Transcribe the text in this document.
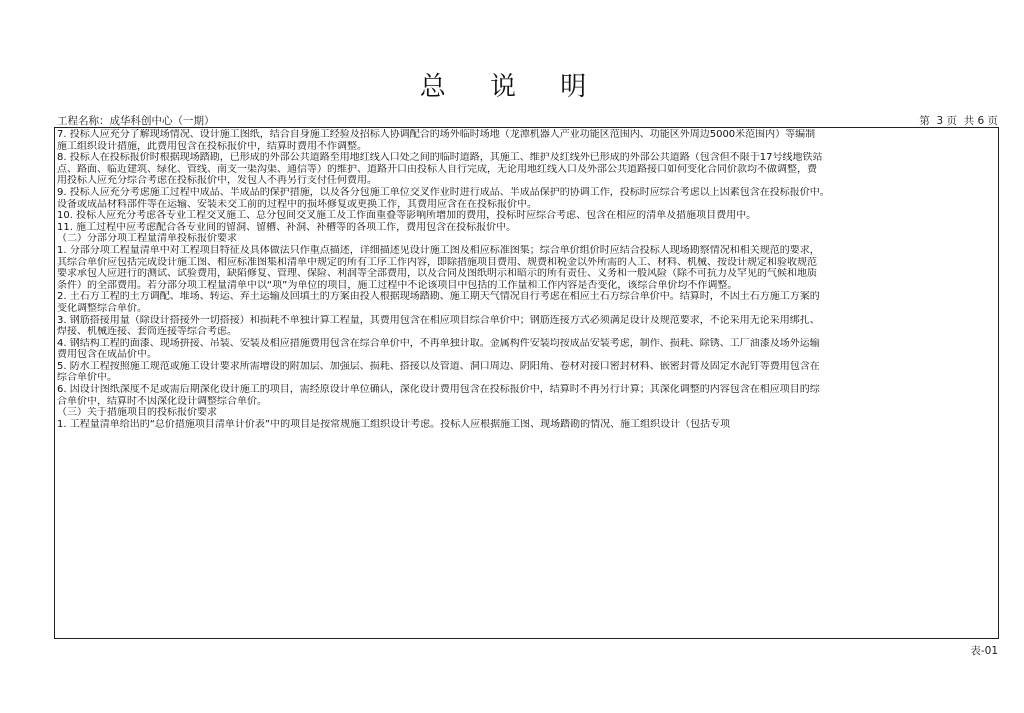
总 说 明
工程名称：成华科创中心（一期）	第  3 页  共 6 页
7. 投标人应充分了解现场情况、设计施工图纸，结合自身施工经验及招标人协调配合的场外临时场地（龙潭机器人产业功能区范围内、功能区外周边5000米范围内）等编制
施工组织设计措施，此费用包含在投标报价中，结算时费用不作调整。
8. 投标人在投标报价时根据现场踏勘，已形成的外部公共道路至用地红线入口处之间的临时道路，其施工、维护及红线外已形成的外部公共道路（包含但不限于17号线地铁站
点、路面、临近建筑、绿化、管线、南支一渠沟渠、通信等）的维护、道路开口由投标人自行完成，无论用地红线入口及外部公共道路接口如何变化合同价款均不做调整，费
用投标人应充分综合考虑在投标报价中，发包人不再另行支付任何费用。
9. 投标人应充分考虑施工过程中成品、半成品的保护措施，以及各分包施工单位交叉作业时进行成品、半成品保护的协调工作，投标时应综合考虑以上因素包含在投标报价中。
设备或成品材料部件等在运输、安装未交工前的过程中的损坏修复或更换工作，其费用应含在在投标报价中。
10. 投标人应充分考虑各专业工程交叉施工、总分包间交叉施工及工作面重叠等影响所增加的费用，投标时应综合考虑、包含在相应的清单及措施项目费用中。
11. 施工过程中应考虑配合各专业间的留洞、留槽、补洞、补槽等的各项工作，费用包含在投标报价中。
（二）分部分项工程量清单投标报价要求
1. 分部分项工程量清单中对工程项目特征及具体做法只作重点描述，详细描述见设计施工图及相应标准图集；综合单价组价时应结合投标人现场勘察情况和相关规范的要求，
其综合单价应包括完成设计施工图、相应标准图集和清单中规定的所有工序工作内容，即除措施项目费用、规费和税金以外所需的人工、材料、机械、按设计规定和验收规范
要求承包人应进行的测试、试验费用，缺陷修复、管理、保险、利润等全部费用，以及合同及图纸明示和暗示的所有责任、义务和一般风险（除不可抗力及罕见的气候和地质
条件）的全部费用。若分部分项工程量清单中以“项”为单位的项目，施工过程中不论该项目中包括的工作量和工作内容是否变化，该综合单价均不作调整。
2. 土石方工程的土方调配、堆场、转运、弃土运输及回填土的方案由投人根据现场踏勘、施工期天气情况自行考虑在相应土石方综合单价中。结算时，不因土石方施工方案的
变化调整综合单价。
3. 钢筋搭接用量（除设计搭接外一切搭接）和损耗不单独计算工程量，其费用包含在相应项目综合单价中；钢筋连接方式必须满足设计及规范要求，不论采用无论采用绑扎、
焊接、机械连接、套筒连接等综合考虑。
4. 钢结构工程的面漆、现场拼接、吊装、安装及相应措施费用包含在综合单价中，不再单独计取。金属构件安装均按成品安装考虑，制作、损耗、除锈、工厂油漆及场外运输
费用包含在成品价中。
5. 防水工程按照施工规范或施工设计要求所需增设的附加层、加强层、损耗、搭接以及管道、洞口周边、阴阳角、卷材对接口密封材料、嵌密封膏及固定水泥钉等费用包含在
综合单价中。
6. 因设计图纸深度不足或需后期深化设计施工的项目，需经原设计单位确认，深化设计费用包含在投标报价中，结算时不再另行计算；其深化调整的内容包含在相应项目的综
合单价中，结算时不因深化设计调整综合单价。
（三）关于措施项目的投标报价要求
1. 工程量清单给出的“总价措施项目清单计价表”中的项目是按常规施工组织设计考虑。投标人应根据施工图、现场踏勘的情况、施工组织设计（包括专项
表-01
